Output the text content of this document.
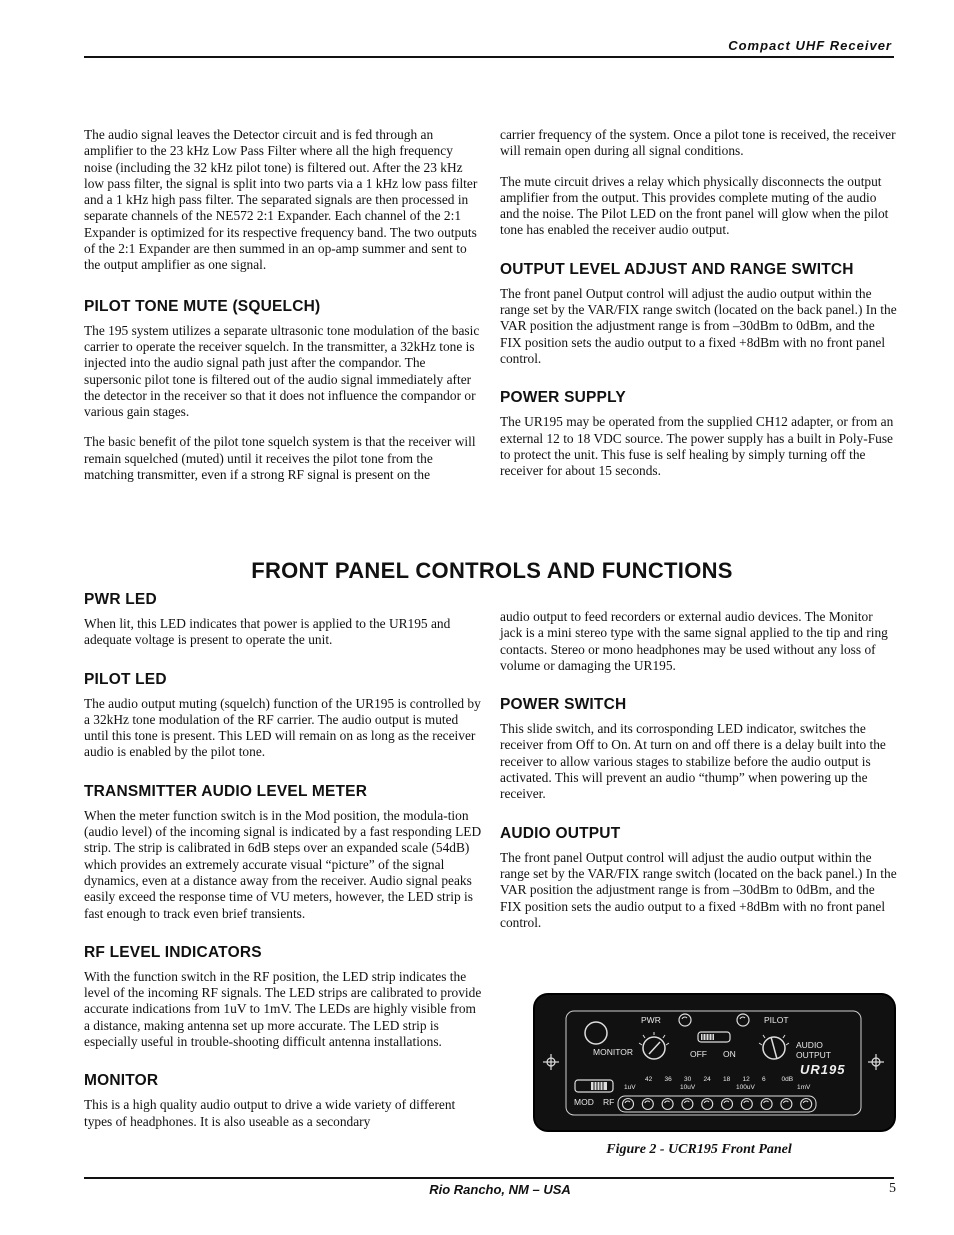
Compact UHF Receiver

The audio signal leaves the Detector circuit and is fed through an amplifier to the 23 kHz Low Pass Filter where all the high frequency noise (including the 32 kHz pilot tone) is filtered out. After the 23 kHz low pass filter, the signal is split into two parts via a 1 kHz low pass filter and a 1 kHz high pass filter. The separated signals are then processed in separate channels of the NE572 2:1 Expander. Each channel of the 2:1 Expander is optimized for its respective frequency band. The two outputs of the 2:1 Expander are then summed in an op-amp summer and sent to the output amplifier as one signal.

PILOT TONE MUTE (SQUELCH)

The 195 system utilizes a separate ultrasonic tone modulation of the basic carrier to operate the receiver squelch. In the transmitter, a 32kHz tone is injected into the audio signal path just after the compandor. The supersonic pilot tone is filtered out of the audio signal immediately after the detector in the receiver so that it does not influence the compandor or various gain stages.

The basic benefit of the pilot tone squelch system is that the receiver will remain squelched (muted) until it receives the pilot tone from the matching transmitter, even if a strong RF signal is present on the

carrier frequency of the system. Once a pilot tone is received, the receiver will remain open during all signal conditions.

The mute circuit drives a relay which physically disconnects the output amplifier from the output. This provides complete muting of the audio and the noise. The Pilot LED on the front panel will glow when the pilot tone has enabled the receiver audio output.

OUTPUT LEVEL ADJUST AND RANGE SWITCH

The front panel Output control will adjust the audio output within the range set by the VAR/FIX range switch (located on the back panel.) In the VAR position the adjustment range is from –30dBm to 0dBm, and the FIX position sets the audio output to a fixed +8dBm with no front panel control.

POWER SUPPLY

The UR195 may be operated from the supplied CH12 adapter, or from an external 12 to 18 VDC source. The power supply has a built in Poly-Fuse to protect the unit. This fuse is self healing by simply turning off the receiver for about 15 seconds.

FRONT PANEL CONTROLS AND FUNCTIONS
PWR LED

When lit, this LED indicates that power is applied to the UR195 and adequate voltage is present to operate the unit.

PILOT LED

The audio output muting (squelch) function of the UR195 is controlled by a 32kHz tone modulation of the RF carrier. The audio output is muted until this tone is present. This LED will remain on as long as the receiver audio is enabled by the pilot tone.

TRANSMITTER AUDIO LEVEL METER

When the meter function switch is in the Mod position, the modula-tion (audio level) of the incoming signal is indicated by a fast responding LED strip. The strip is calibrated in 6dB steps over an expanded scale (54dB) which provides an extremely accurate visual “picture” of the signal dynamics, even at a distance away from the receiver. Audio signal peaks easily exceed the response time of VU meters, however, the LED strip is fast enough to track even brief transients.

RF LEVEL INDICATORS

With the function switch in the RF position, the LED strip indicates the level of the incoming RF signals. The LED strips are calibrated to provide accurate indications from 1uV to 1mV. The LEDs are highly visible from a distance, making antenna set up more accurate. The LED strip is especially useful in trouble-shooting difficult antenna installations.

MONITOR

This is a high quality audio output to drive a wide variety of different types of headphones. It is also useable as a secondary

audio output to feed recorders or external audio devices. The Monitor jack is a mini stereo type with the same signal applied to the tip and ring contacts. Stereo or mono headphones may be used without any loss of volume or damaging the UR195.

POWER SWITCH

This slide switch, and its corrosponding LED indicator, switches the receiver from Off to On. At turn on and off there is a delay built into the receiver to allow various stages to stabilize before the audio output is activated. This will prevent an audio “thump” when powering up the receiver.

AUDIO OUTPUT

The front panel Output control will adjust the audio output within the range set by the VAR/FIX range switch (located on the back panel.) In the VAR position the adjustment range is from –30dBm to 0dBm, and the FIX position sets the audio output to a fixed +8dBm with no front panel control.

PWR	PILOT
MONITOR	OFF ON
AUDIO
OUTPUT
MOD RF
UR195
42 36 30 24 18 12 6 0dB
1uV	10uV	100uV	1mV
Figure 2 - UCR195 Front Panel
Rio Rancho, NM – USA	5
